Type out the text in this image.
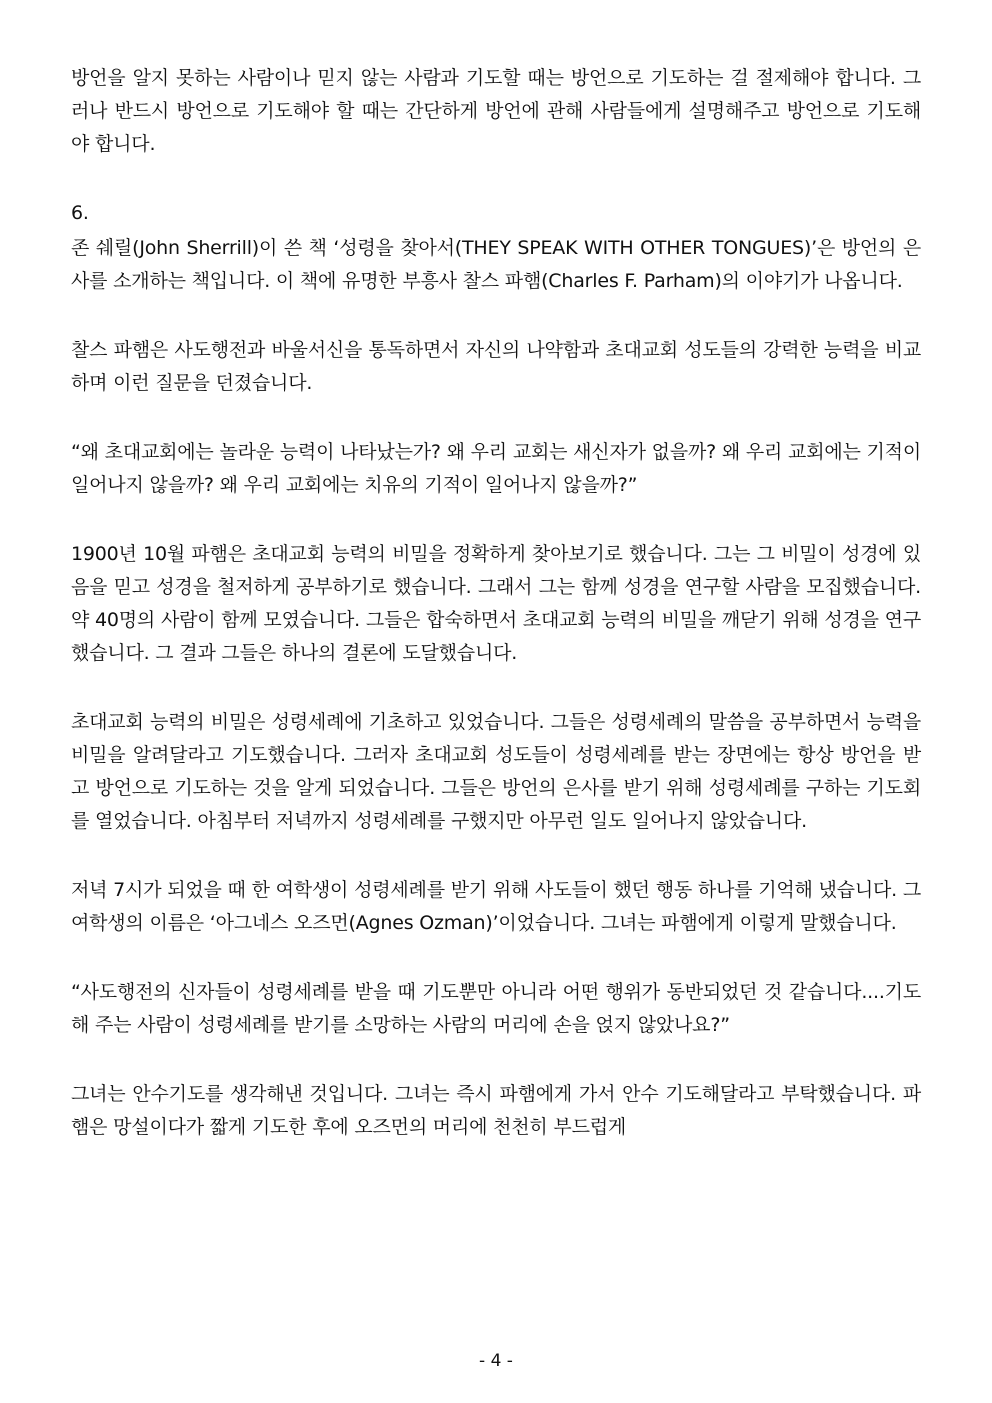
방언을 알지 못하는 사람이나 믿지 않는 사람과 기도할 때는 방언으로 기도하는 걸 절제해야 합니다. 그러나 반드시 방언으로 기도해야 할 때는 간단하게 방언에 관해 사람들에게 설명해주고 방언으로 기도해야 합니다.

6.

존 쉐릴(John Sherrill)이 쓴 책 ‘성령을 찾아서(THEY SPEAK WITH OTHER TONGUES)’은 방언의 은사를 소개하는 책입니다. 이 책에 유명한 부흥사 찰스 파햄(Charles F. Parham)의 이야기가 나옵니다.

찰스 파햄은 사도행전과 바울서신을 통독하면서 자신의 나약함과 초대교회 성도들의 강력한 능력을 비교하며 이런 질문을 던졌습니다.

“왜 초대교회에는 놀라운 능력이 나타났는가? 왜 우리 교회는 새신자가 없을까? 왜 우리 교회에는 기적이 일어나지 않을까? 왜 우리 교회에는 치유의 기적이 일어나지 않을까?”

1900년 10월 파햄은 초대교회 능력의 비밀을 정확하게 찾아보기로 했습니다. 그는 그 비밀이 성경에 있음을 믿고 성경을 철저하게 공부하기로 했습니다. 그래서 그는 함께 성경을 연구할 사람을 모집했습니다. 약 40명의 사람이 함께 모였습니다. 그들은 합숙하면서 초대교회 능력의 비밀을 깨닫기 위해 성경을 연구했습니다. 그 결과 그들은 하나의 결론에 도달했습니다.

초대교회 능력의 비밀은 성령세례에 기초하고 있었습니다. 그들은 성령세례의 말씀을 공부하면서 능력을 비밀을 알려달라고 기도했습니다. 그러자 초대교회 성도들이 성령세례를 받는 장면에는 항상 방언을 받고 방언으로 기도하는 것을 알게 되었습니다. 그들은 방언의 은사를 받기 위해 성령세례를 구하는 기도회를 열었습니다. 아침부터 저녁까지 성령세례를 구했지만 아무런 일도 일어나지 않았습니다.

저녁 7시가 되었을 때 한 여학생이 성령세례를 받기 위해 사도들이 했던 행동 하나를 기억해 냈습니다. 그 여학생의 이름은 ‘아그네스 오즈먼(Agnes Ozman)’이었습니다. 그녀는 파햄에게 이렇게 말했습니다.

“사도행전의 신자들이 성령세례를 받을 때 기도뿐만 아니라 어떤 행위가 동반되었던 것 같습니다....기도해 주는 사람이 성령세례를 받기를 소망하는 사람의 머리에 손을 얹지 않았나요?”

그녀는 안수기도를 생각해낸 것입니다. 그녀는 즉시 파햄에게 가서 안수 기도해달라고 부탁했습니다. 파햄은 망설이다가 짧게 기도한 후에 오즈먼의 머리에 천천히 부드럽게

- 4 -
